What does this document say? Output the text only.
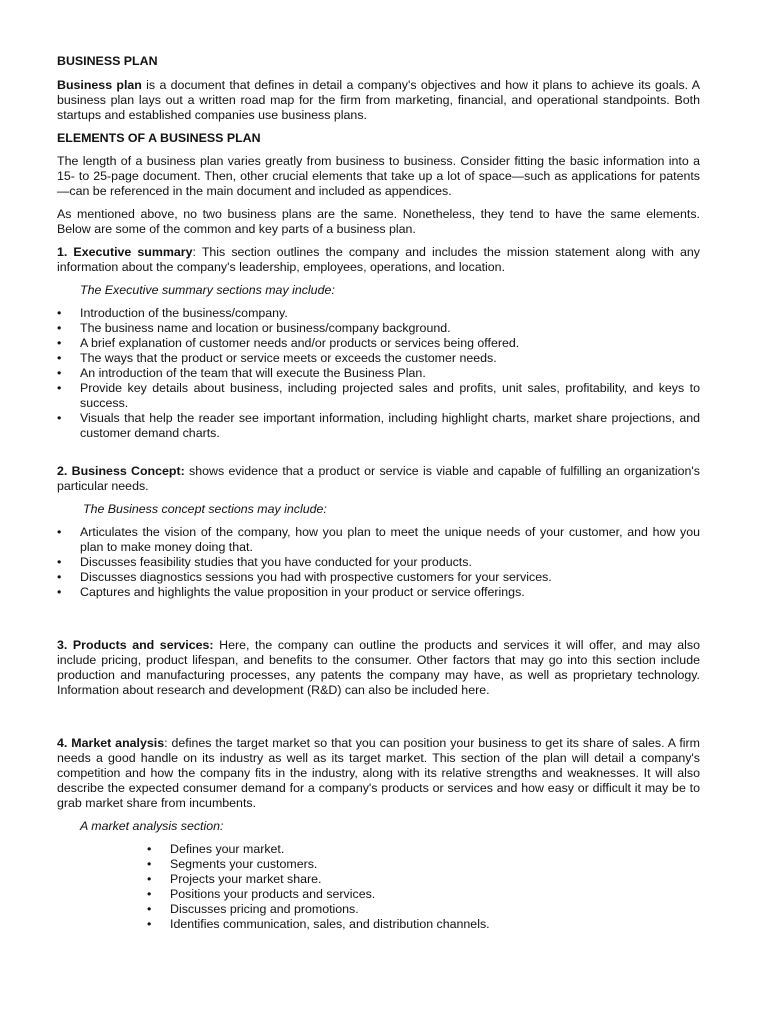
BUSINESS PLAN

Business plan is a document that defines in detail a company's objectives and how it plans to achieve its goals. A business plan lays out a written road map for the firm from marketing, financial, and operational standpoints. Both startups and established companies use business plans.

ELEMENTS OF A BUSINESS PLAN

The length of a business plan varies greatly from business to business. Consider fitting the basic information into a 15- to 25-page document. Then, other crucial elements that take up a lot of space—such as applications for patents—can be referenced in the main document and included as appendices.

As mentioned above, no two business plans are the same. Nonetheless, they tend to have the same elements. Below are some of the common and key parts of a business plan.

1. Executive summary: This section outlines the company and includes the mission statement along with any information about the company's leadership, employees, operations, and location.

The Executive summary sections may include:

• Introduction of the business/company.
• The business name and location or business/company background.
• A brief explanation of customer needs and/or products or services being offered.
• The ways that the product or service meets or exceeds the customer needs.
• An introduction of the team that will execute the Business Plan.
• Provide key details about business, including projected sales and profits, unit sales, profitability, and keys to success.
• Visuals that help the reader see important information, including highlight charts, market share projections, and customer demand charts.

2. Business Concept: shows evidence that a product or service is viable and capable of fulfilling an organization's particular needs.

The Business concept sections may include:

• Articulates the vision of the company, how you plan to meet the unique needs of your customer, and how you plan to make money doing that.
• Discusses feasibility studies that you have conducted for your products.
• Discusses diagnostics sessions you had with prospective customers for your services.
• Captures and highlights the value proposition in your product or service offerings.

3. Products and services: Here, the company can outline the products and services it will offer, and may also include pricing, product lifespan, and benefits to the consumer. Other factors that may go into this section include production and manufacturing processes, any patents the company may have, as well as proprietary technology. Information about research and development (R&D) can also be included here.

4. Market analysis: defines the target market so that you can position your business to get its share of sales. A firm needs a good handle on its industry as well as its target market. This section of the plan will detail a company's competition and how the company fits in the industry, along with its relative strengths and weaknesses. It will also describe the expected consumer demand for a company's products or services and how easy or difficult it may be to grab market share from incumbents.

A market analysis section:

• Defines your market.
• Segments your customers.
• Projects your market share.
• Positions your products and services.
• Discusses pricing and promotions.
• Identifies communication, sales, and distribution channels.
